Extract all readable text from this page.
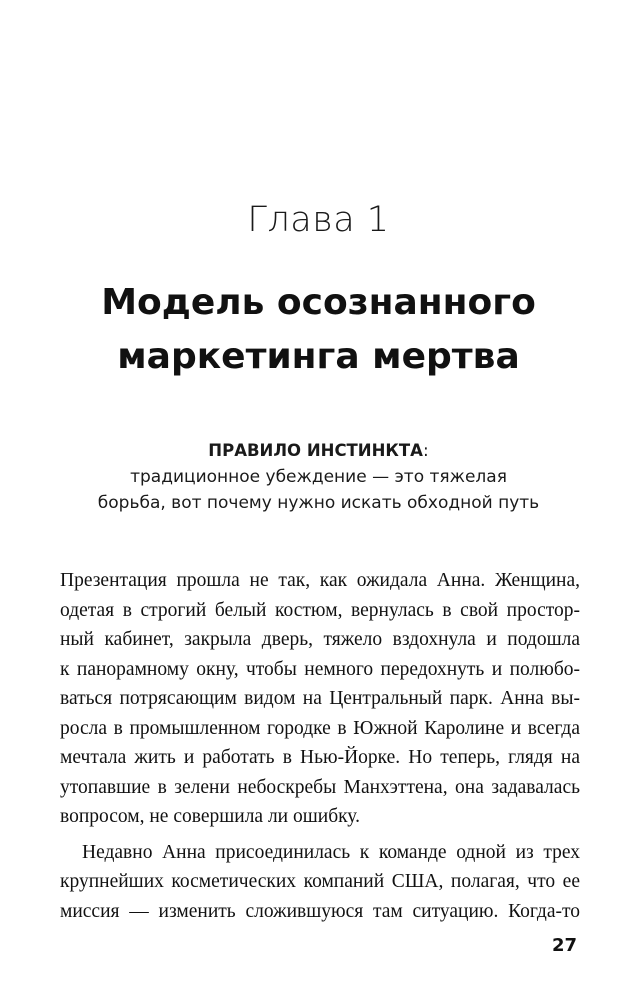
Глава 1
Модель осознанного
маркетинга мертва
ПРАВИЛО ИНСТИНКТА:
традиционное убеждение — это тяжелая
борьба, вот почему нужно искать обходной путь
Презентация прошла не так, как ожидала Анна. Женщина,
одетая в строгий белый костюм, вернулась в свой простор-
ный кабинет, закрыла дверь, тяжело вздохнула и подошла
к панорамному окну, чтобы немного передохнуть и полюбо-
ваться потрясающим видом на Центральный парк. Анна вы-
росла в промышленном городке в Южной Каролине и всегда
мечтала жить и работать в Нью-Йорке. Но теперь, глядя на
утопавшие в зелени небоскребы Манхэттена, она задавалась
вопросом, не совершила ли ошибку.
Недавно Анна присоединилась к команде одной из трех
крупнейших косметических компаний США, полагая, что ее
миссия — изменить сложившуюся там ситуацию. Когда-то
27
